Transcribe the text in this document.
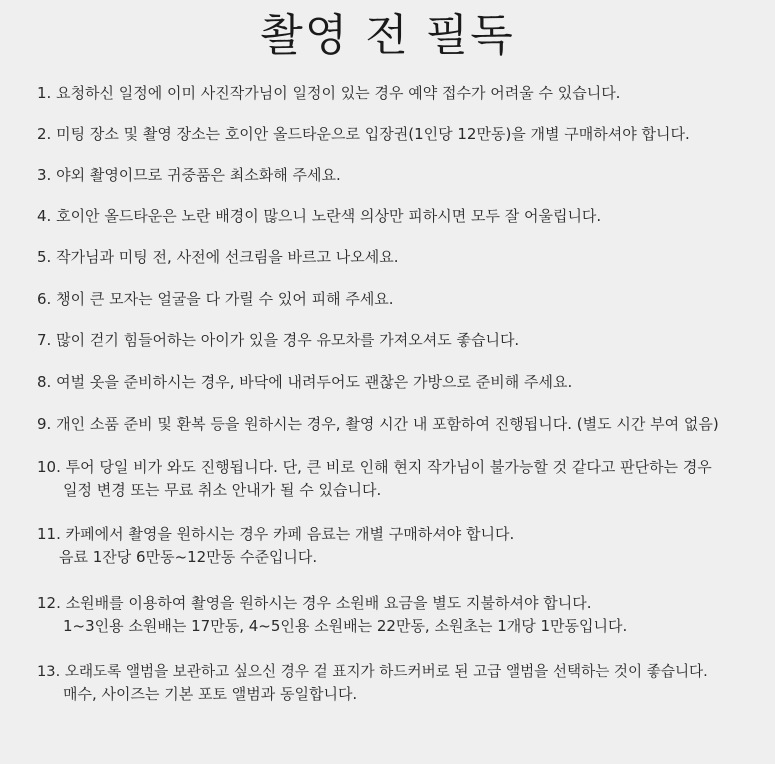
촬영 전 필독
1. 요청하신 일정에 이미 사진작가님이 일정이 있는 경우 예약 접수가 어려울 수 있습니다.
2. 미팅 장소 및 촬영 장소는 호이안 올드타운으로 입장권(1인당 12만동)을 개별 구매하셔야 합니다.
3. 야외 촬영이므로 귀중품은 최소화해 주세요.
4. 호이안 올드타운은 노란 배경이 많으니 노란색 의상만 피하시면 모두 잘 어울립니다.
5. 작가님과 미팅 전, 사전에 선크림을 바르고 나오세요.
6. 챙이 큰 모자는 얼굴을 다 가릴 수 있어 피해 주세요.
7. 많이 걷기 힘들어하는 아이가 있을 경우 유모차를 가져오셔도 좋습니다.
8. 여벌 옷을 준비하시는 경우, 바닥에 내려두어도 괜찮은 가방으로 준비해 주세요.
9. 개인 소품 준비 및 환복 등을 원하시는 경우, 촬영 시간 내 포함하여 진행됩니다. (별도 시간 부여 없음)
10. 투어 당일 비가 와도 진행됩니다. 단, 큰 비로 인해 현지 작가님이 불가능할 것 같다고 판단하는 경우
일정 변경 또는 무료 취소 안내가 될 수 있습니다.
11. 카페에서 촬영을 원하시는 경우 카페 음료는 개별 구매하셔야 합니다.
음료 1잔당 6만동~12만동 수준입니다.
12. 소원배를 이용하여 촬영을 원하시는 경우 소원배 요금을 별도 지불하셔야 합니다.
1~3인용 소원배는 17만동, 4~5인용 소원배는 22만동, 소원초는 1개당 1만동입니다.
13. 오래도록 앨범을 보관하고 싶으신 경우 겉 표지가 하드커버로 된 고급 앨범을 선택하는 것이 좋습니다.
매수, 사이즈는 기본 포토 앨범과 동일합니다.
